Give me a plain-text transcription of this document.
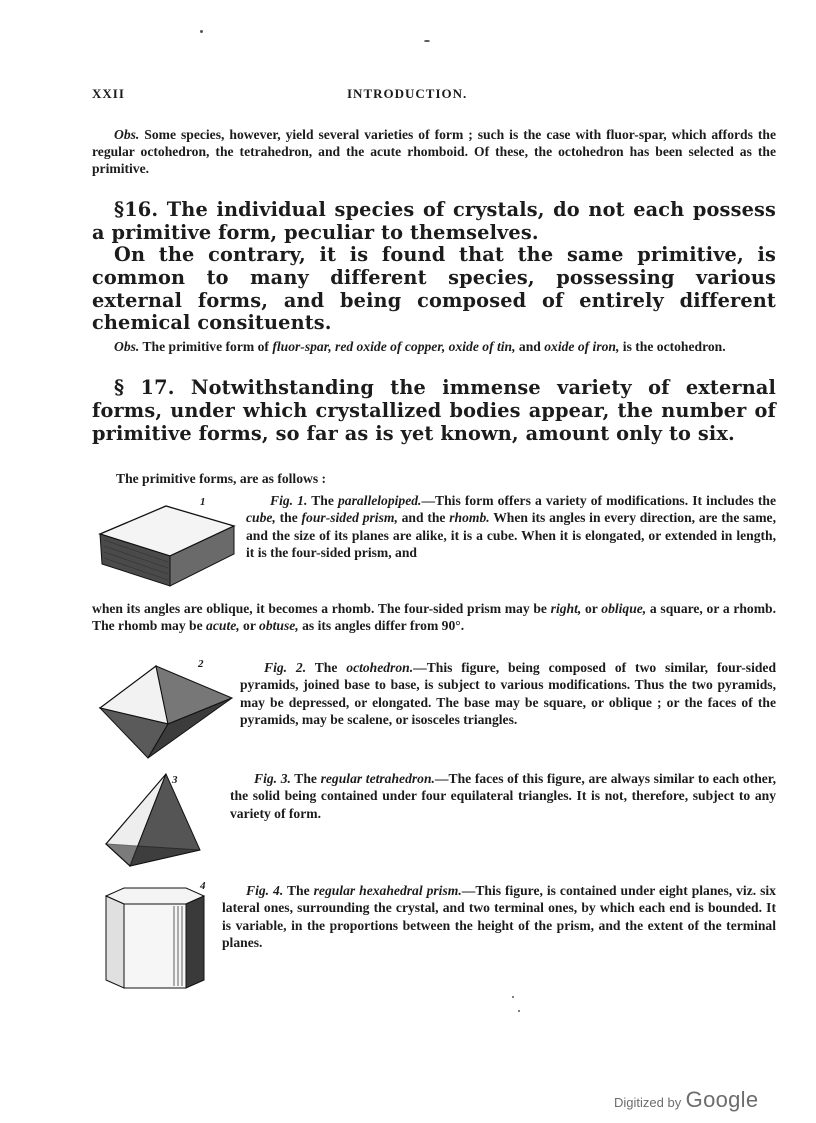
XXII	INTRODUCTION.
Obs. Some species, however, yield several varieties of form ; such is the case with fluor-spar, which affords the regular octohedron, the tetrahedron, and the acute rhomboid. Of these, the octohedron has been selected as the primitive.
§16. The individual species of crystals, do not each possess a primitive form, peculiar to themselves.
On the contrary, it is found that the same primitive, is common to many different species, possessing various external forms, and being composed of entirely different chemical consituents.
Obs. The primitive form of fluor-spar, red oxide of copper, oxide of tin, and oxide of iron, is the octohedron.
§ 17. Notwithstanding the immense variety of external forms, under which crystallized bodies appear, the number of primitive forms, so far as is yet known, amount only to six.
The primitive forms, are as follows :
1	Fig. 1. The parallelopiped.—This form offers a variety of modifications. It includes the cube, the four-sided prism, and the rhomb. When its angles in every direction, are the same, and the size of its planes are alike, it is a cube. When it is elongated, or extended in length, it is the four-sided prism, and
when its angles are oblique, it becomes a rhomb. The four-sided prism may be right, or oblique, a square, or a rhomb. The rhomb may be acute, or obtuse, as its angles differ from 90°.
2	Fig. 2. The octohedron.—This figure, being composed of two similar, four-sided pyramids, joined base to base, is subject to various modifications. Thus the two pyramids, may be depressed, or elongated. The base may be square, or oblique ; or the faces of the pyramids, may be scalene, or isosceles triangles.
3	Fig. 3. The regular tetrahedron.—The faces of this figure, are always similar to each other, the solid being contained under four equilateral triangles. It is not, therefore, subject to any variety of form.
4	Fig. 4. The regular hexahedral prism.—This figure, is contained under eight planes, viz. six lateral ones, surrounding the crystal, and two terminal ones, by which each end is bounded. It is variable, in the proportions between the height of the prism, and the extent of the terminal planes.
Digitized by Google
